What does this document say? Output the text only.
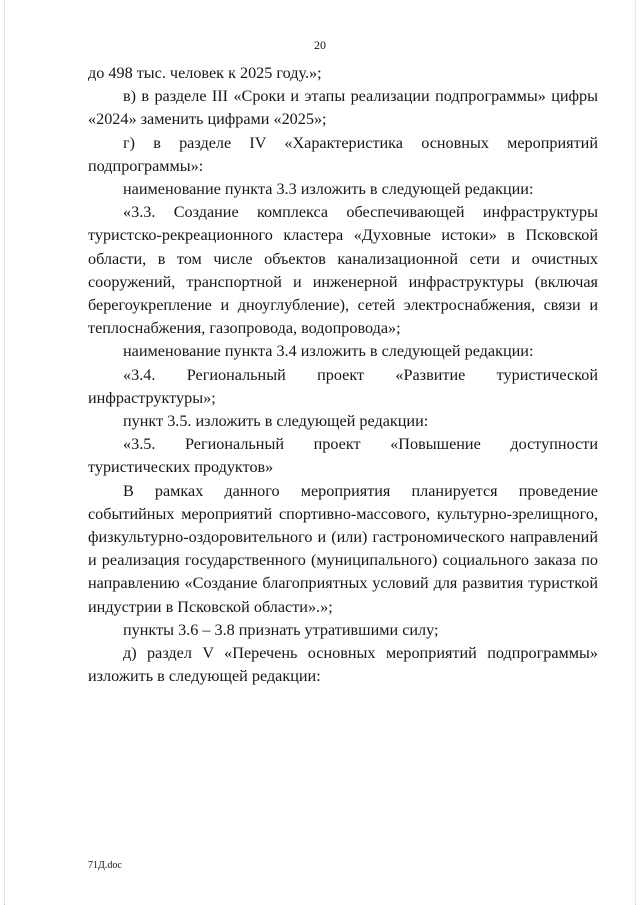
20

до 498 тыс. человек к 2025 году.»;

в) в разделе III «Сроки и этапы реализации подпрограммы» цифры «2024» заменить цифрами «2025»;

г) в разделе IV «Характеристика основных мероприятий подпрограммы»:

наименование пункта 3.3 изложить в следующей редакции:

«3.3. Создание комплекса обеспечивающей инфраструктуры туристско-рекреационного кластера «Духовные истоки» в Псковской области, в том числе объектов канализационной сети и очистных сооружений, транспортной и инженерной инфраструктуры (включая берегоукрепление и дноуглубление), сетей электроснабжения, связи и теплоснабжения, газопровода, водопровода»;

наименование пункта 3.4 изложить в следующей редакции:

«3.4. Региональный проект «Развитие туристической инфраструктуры»;

пункт 3.5. изложить в следующей редакции:

«3.5. Региональный проект «Повышение доступности туристических продуктов»

В рамках данного мероприятия планируется проведение событийных мероприятий спортивно-массового, культурно-зрелищного, физкультурно-оздоровительного и (или) гастрономического направлений и реализация государственного (муниципального) социального заказа по направлению «Создание благоприятных условий для развития туристкой индустрии в Псковской области».»;

пункты 3.6 – 3.8 признать утратившими силу;

д) раздел V «Перечень основных мероприятий подпрограммы» изложить в следующей редакции:

71Д.doc
